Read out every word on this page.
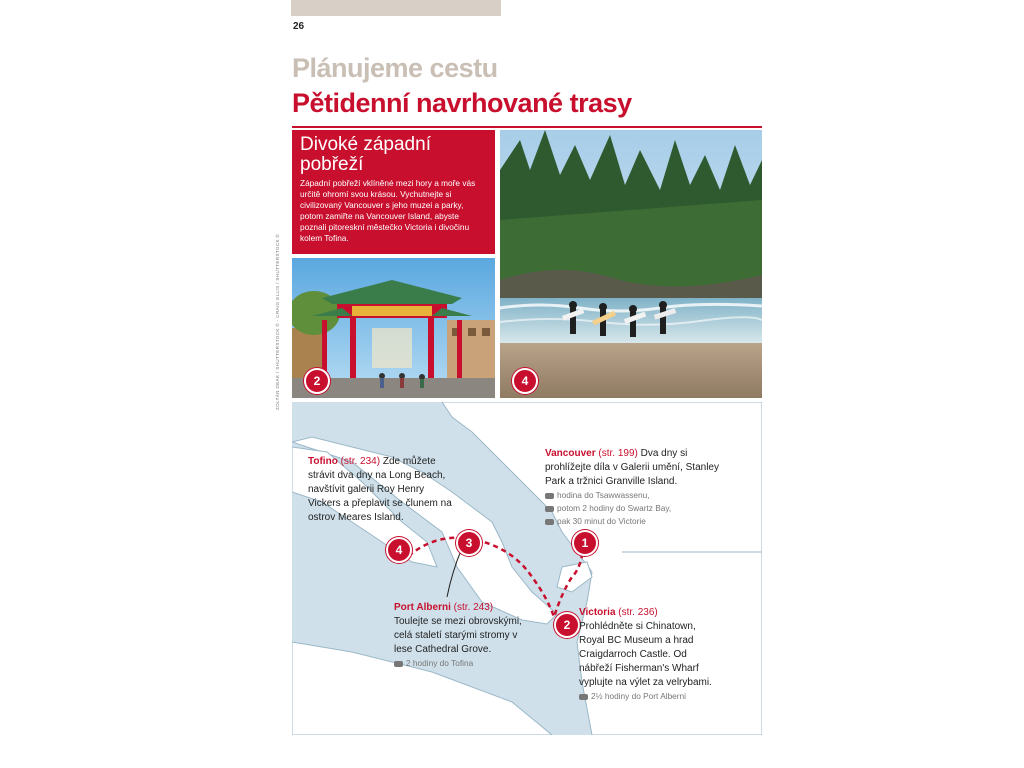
26
Plánujeme cestu
Pětidenní navrhované trasy
Divoké západní
pobřeží

Západní pobřeží vklíněné mezi hory a moře vás určitě ohromí svou krásou. Vychutnejte si civilizovaný Vancouver s jeho muzei a parky, potom zamiřte na Vancouver Island, abyste poznali pitoreskní městečko Victoria i divočinu kolem Tofina.

2	4
ZOLTÁN DEÁK / SHUTTERSTOCK © · CRAIG ELLIS / SHUTTERSTOCK ©
1
2
3
4
Tofino (str. 234) Zde můžete strávit dva dny na Long Beach, navštívit galerii Roy Henry Vickers a přeplavit se člunem na ostrov Meares Island.
Vancouver (str. 199) Dva dny si prohlížejte díla v Galerii umění, Stanley Park a tržnici Granville Island.
hodina do Tsawwassenu,
potom 2 hodiny do Swartz Bay,
pak 30 minut do Victorie
Port Alberni (str. 243)
Toulejte se mezi obrovskými, celá staletí starými stromy v lese Cathedral Grove.
2 hodiny do Tofina
Victoria (str. 236)
Prohlédněte si Chinatown, Royal BC Museum a hrad Craigdarroch Castle. Od nábřeží Fisherman's Wharf vyplujte na výlet za velrybami.
2½ hodiny do Port Alberni
